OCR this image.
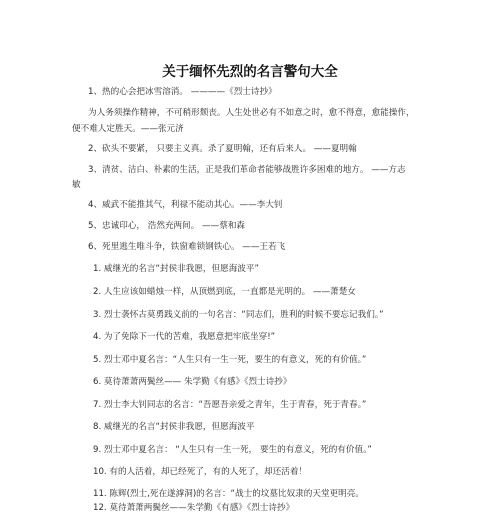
关于缅怀先烈的名言警句大全
1、热的心会把冰雪溶消。 ————《烈士诗抄》
为人务须操作精神，不可稍形颓丧。人生处世必有不如意之时，愈不得意，愈能操作，
便不难人定胜天。——张元济
2、砍头不要紧， 只要主义真。杀了夏明翰，还有后来人。 ——夏明翰
3、清贫、洁白、朴素的生活，正是我们革命者能够战胜许多困难的地方。 ——方志
敏
4、威武不能推其气，利禄不能动其心。——李大钊
5、忠诚印心， 浩然充两间。 ——蔡和森
6、死里逃生唯斗争，铁窗难锁钢铁心。 ——王若飞
1. 威继光的名言“封侯非我愿，但愿海波平”
2. 人生应该如蜡烛一样，从顶燃到底，一直都是光明的。 ——萧楚女
3. 烈士袭怀古莫勇践义前的一句名言：“同志们，胜利的时候不要忘记我们。”
4. 为了免除下一代的苦难，我愿意把牢底坐穿!”
5. 烈士邓中夏名言：“人生只有一生一死，要生的有意义，死的有价值。”
6. 莫待萧萧两鬓丝—— 朱学勤《有感》《烈士诗抄》
7. 烈士李大钊同志的名言：“吾愿吾亲爱之青年，生于青春，死于青春。”
8. 威继光的名言“封侯非我愿，但愿海波平
9. 烈士邓中夏名言： “人生只有一生一死， 要生的有意义，死的有价值。”
10. 有的人活着，却已经死了，有的人死了，却还活着！
11. 陈辉(烈士,死在遂滹洞)的名言：“战士的坟墓比奴隶的天堂更明亮。
12. 莫待萧萧两鬓丝——朱学勤《有感》《烈士诗抄》
